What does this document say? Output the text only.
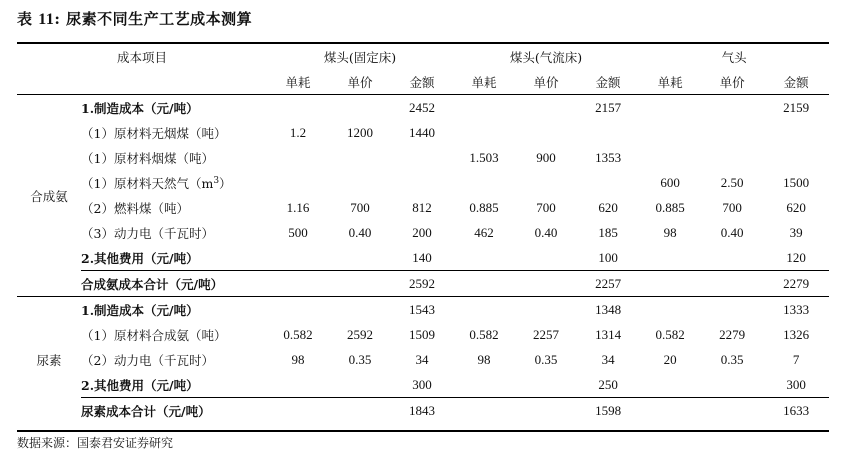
表 11: 尿素不同生产工艺成本测算
成本项目		煤头(固定床)			煤头(气流床)			气头		
		单耗	单价	金额	单耗	单价	金额	单耗	单价	金额
合成氨	1.制造成本（元/吨）			2452			2157			2159
	（1）原材料无烟煤（吨）	1.2	1200	1440						
	（1）原材料烟煤（吨）				1.503	900	1353			
	（1）原材料天然气$(m^3)$							600	2.50	1500
	（2）燃料煤（吨）	1.16	700	812	0.885	700	620	0.885	700	620
	（3）动力电（千瓦时）	500	0.40	200	462	0.40	185	98	0.40	39
	2.其他费用（元/吨）			140			100			120
	合成氨成本合计（元/吨）			2592			2257			2279
尿素	1.制造成本（元/吨）			1543			1348			1333
	（1）原材料合成氨（吨）	0.582	2592	1509	0.582	2257	1314	0.582	2279	1326
	（2）动力电（千瓦时）	98	0.35	34	98	0.35	34	20	0.35	7
	2.其他费用（元/吨）			300			250			300
	尿素成本合计（元/吨）			1843			1598			1633
数据来源：国泰君安证券研究
